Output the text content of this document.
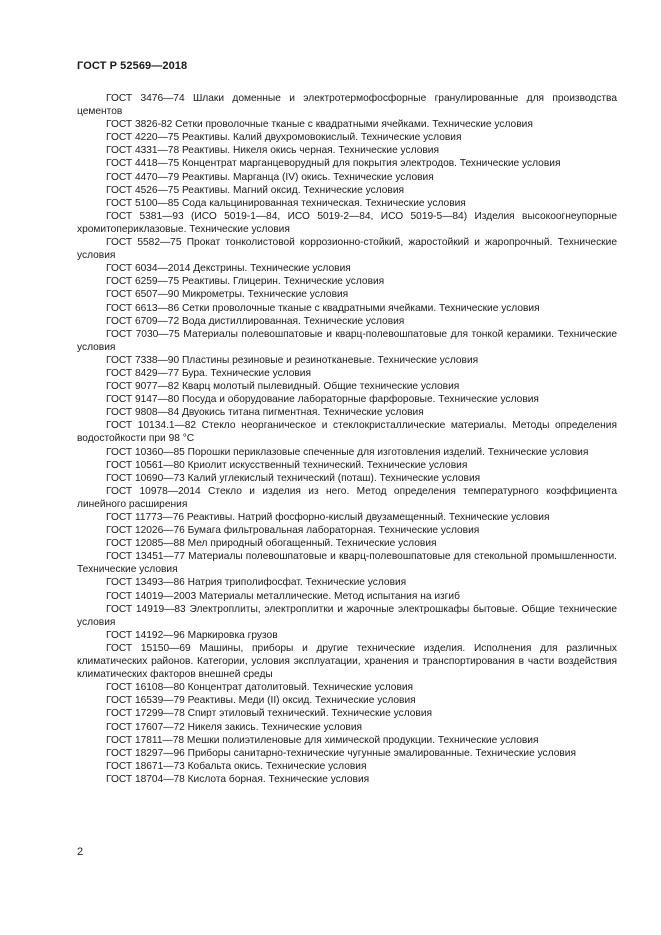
ГОСТ Р 52569—2018

ГОСТ 3476—74 Шлаки доменные и электротермофосфорные гранулированные для производства цементов

ГОСТ 3826-82 Сетки проволочные тканые с квадратными ячейками. Технические условия

ГОСТ 4220—75 Реактивы. Калий двухромовокислый. Технические условия

ГОСТ 4331—78 Реактивы. Никеля окись черная. Технические условия

ГОСТ 4418—75 Концентрат марганцеворудный для покрытия электродов. Технические условия

ГОСТ 4470—79 Реактивы. Марганца (IV) окись. Технические условия

ГОСТ 4526—75 Реактивы. Магний оксид. Технические условия

ГОСТ 5100—85 Сода кальцинированная техническая. Технические условия

ГОСТ 5381—93 (ИСО 5019-1—84, ИСО 5019-2—84, ИСО 5019-5—84) Изделия высокоогнеупорные хромитопериклазовые. Технические условия

ГОСТ 5582—75 Прокат тонколистовой коррозионно-стойкий, жаростойкий и жаропрочный. Технические условия

ГОСТ 6034—2014 Декстрины. Технические условия

ГОСТ 6259—75 Реактивы. Глицерин. Технические условия

ГОСТ 6507—90 Микрометры. Технические условия

ГОСТ 6613—86 Сетки проволочные тканые с квадратными ячейками. Технические условия

ГОСТ 6709—72 Вода дистиллированная. Технические условия

ГОСТ 7030—75 Материалы полевошпатовые и кварц-полевошпатовые для тонкой керамики. Технические условия

ГОСТ 7338—90 Пластины резиновые и резинотканевые. Технические условия

ГОСТ 8429—77 Бура. Технические условия

ГОСТ 9077—82 Кварц молотый пылевидный. Общие технические условия

ГОСТ 9147—80 Посуда и оборудование лабораторные фарфоровые. Технические условия

ГОСТ 9808—84 Двуокись титана пигментная. Технические условия

ГОСТ 10134.1—82 Стекло неорганическое и стеклокристаллические материалы. Методы определения водостойкости при 98 °С

ГОСТ 10360—85 Порошки периклазовые спеченные для изготовления изделий. Технические условия

ГОСТ 10561—80 Криолит искусственный технический. Технические условия

ГОСТ 10690—73 Калий углекислый технический (поташ). Технические условия

ГОСТ 10978—2014 Стекло и изделия из него. Метод определения температурного коэффициента линейного расширения

ГОСТ 11773—76 Реактивы. Натрий фосфорно-кислый двузамещенный. Технические условия

ГОСТ 12026—76 Бумага фильтровальная лабораторная. Технические условия

ГОСТ 12085—88 Мел природный обогащенный. Технические условия

ГОСТ 13451—77 Материалы полевошпатовые и кварц-полевошпатовые для стекольной промышленности. Технические условия

ГОСТ 13493—86 Натрия триполифосфат. Технические условия

ГОСТ 14019—2003 Материалы металлические. Метод испытания на изгиб

ГОСТ 14919—83 Электроплиты, электроплитки и жарочные электрошкафы бытовые. Общие технические условия

ГОСТ 14192—96 Маркировка грузов

ГОСТ 15150—69 Машины, приборы и другие технические изделия. Исполнения для различных климатических районов. Категории, условия эксплуатации, хранения и транспортирования в части воздействия климатических факторов внешней среды

ГОСТ 16108—80 Концентрат датолитовый. Технические условия

ГОСТ 16539—79 Реактивы. Меди (II) оксид. Технические условия

ГОСТ 17299—78 Спирт этиловый технический. Технические условия

ГОСТ 17607—72 Никеля закись. Технические условия

ГОСТ 17811—78 Мешки полиэтиленовые для химической продукции. Технические условия

ГОСТ 18297—96 Приборы санитарно-технические чугунные эмалированные. Технические условия

ГОСТ 18671—73 Кобальта окись. Технические условия

ГОСТ 18704—78 Кислота борная. Технические условия

2
